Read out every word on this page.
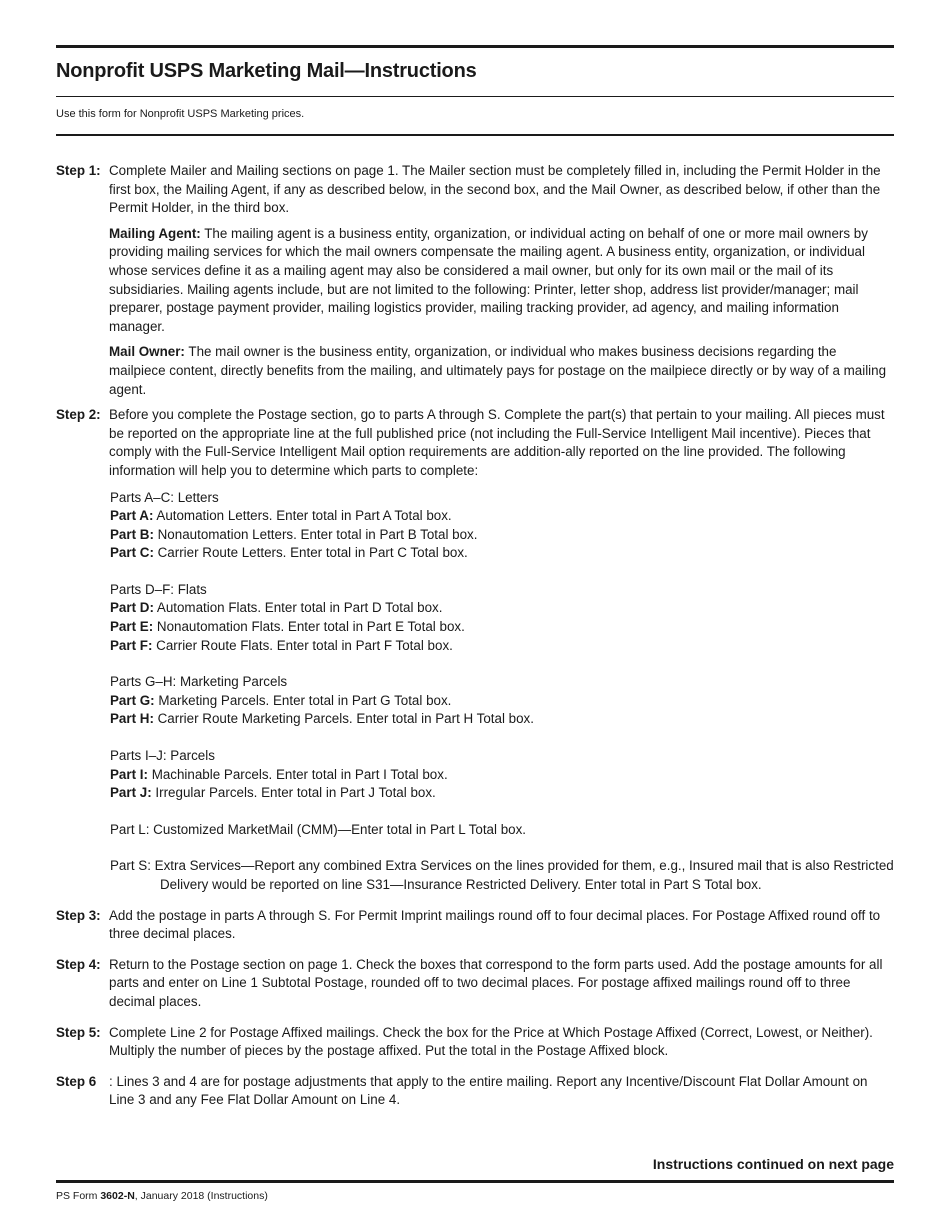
Nonprofit USPS Marketing Mail—Instructions
Use this form for Nonprofit USPS Marketing prices.
Step 1: Complete Mailer and Mailing sections on page 1. The Mailer section must be completely filled in, including the Permit Holder in the first box, the Mailing Agent, if any as described below, in the second box, and the Mail Owner, as described below, if other than the Permit Holder, in the third box.

Mailing Agent: The mailing agent is a business entity, organization, or individual acting on behalf of one or more mail owners by providing mailing services for which the mail owners compensate the mailing agent. A business entity, organization, or individual whose services define it as a mailing agent may also be considered a mail owner, but only for its own mail or the mail of its subsidiaries. Mailing agents include, but are not limited to the following: Printer, letter shop, address list provider/manager; mail preparer, postage payment provider, mailing logistics provider, mailing tracking provider, ad agency, and mailing information manager.

Mail Owner: The mail owner is the business entity, organization, or individual who makes business decisions regarding the mailpiece content, directly benefits from the mailing, and ultimately pays for postage on the mailpiece directly or by way of a mailing agent.

Step 2: Before you complete the Postage section, go to parts A through S. Complete the part(s) that pertain to your mailing. All pieces must be reported on the appropriate line at the full published price (not including the Full-Service Intelligent Mail incentive). Pieces that comply with the Full-Service Intelligent Mail option requirements are addition-ally reported on the line provided. The following information will help you to determine which parts to complete:

Parts A–C: Letters
Part A: Automation Letters. Enter total in Part A Total box.
Part B: Nonautomation Letters. Enter total in Part B Total box.
Part C: Carrier Route Letters. Enter total in Part C Total box.
Parts D–F: Flats
Part D: Automation Flats. Enter total in Part D Total box.
Part E: Nonautomation Flats. Enter total in Part E Total box.
Part F: Carrier Route Flats. Enter total in Part F Total box.
Parts G–H: Marketing Parcels
Part G: Marketing Parcels. Enter total in Part G Total box.
Part H: Carrier Route Marketing Parcels. Enter total in Part H Total box.
Parts I–J: Parcels
Part I: Machinable Parcels. Enter total in Part I Total box.
Part J: Irregular Parcels. Enter total in Part J Total box.
Part L: Customized MarketMail (CMM)—Enter total in Part L Total box.
Part S: Extra Services—Report any combined Extra Services on the lines provided for them, e.g., Insured mail that is also Restricted Delivery would be reported on line S31—Insurance Restricted Delivery. Enter total in Part S Total box.
Step 3: Add the postage in parts A through S. For Permit Imprint mailings round off to four decimal places. For Postage Affixed round off to three decimal places.

Step 4: Return to the Postage section on page 1. Check the boxes that correspond to the form parts used. Add the postage amounts for all parts and enter on Line 1 Subtotal Postage, rounded off to two decimal places. For postage affixed mailings round off to three decimal places.

Step 5: Complete Line 2 for Postage Affixed mailings. Check the box for the Price at Which Postage Affixed (Correct, Lowest, or Neither). Multiply the number of pieces by the postage affixed. Put the total in the Postage Affixed block.

Step 6 : Lines 3 and 4 are for postage adjustments that apply to the entire mailing. Report any Incentive/Discount Flat Dollar Amount on Line 3 and any Fee Flat Dollar Amount on Line 4.

Instructions continued on next page
PS Form 3602-N, January 2018 (Instructions)
